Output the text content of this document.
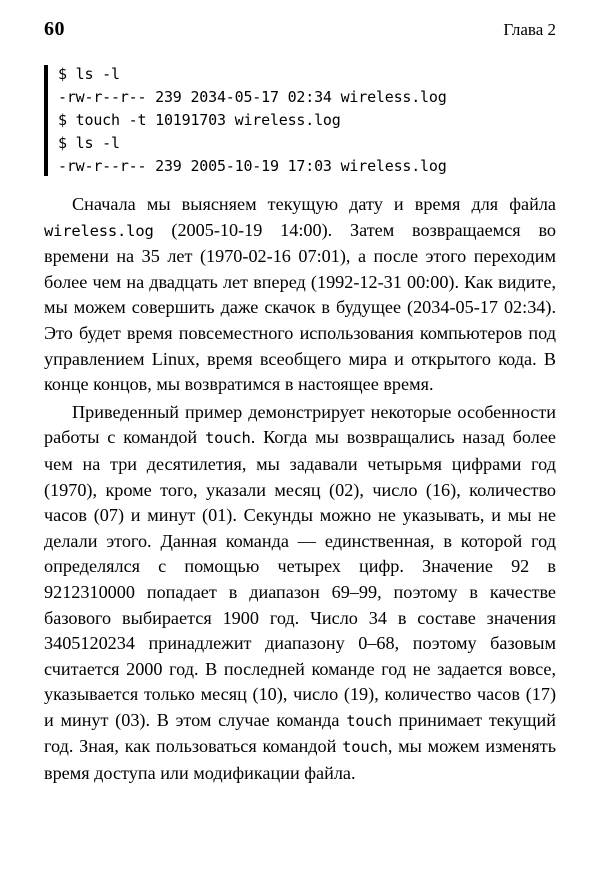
60	Глава 2
$ ls -l
-rw-r--r-- 239 2034-05-17 02:34 wireless.log
$ touch -t 10191703 wireless.log
$ ls -l
-rw-r--r-- 239 2005-10-19 17:03 wireless.log

Сначала мы выясняем текущую дату и время для файла wireless.log (2005-10-19 14:00). Затем возвращаемся во времени на 35 лет (1970-02-16 07:01), а после этого переходим более чем на двадцать лет вперед (1992-12-31 00:00). Как видите, мы можем совершить даже скачок в будущее (2034-05-17 02:34). Это будет время повсеместного использования компьютеров под управлением Linux, время всеобщего мира и открытого кода. В конце концов, мы возвратимся в настоящее время.

Приведенный пример демонстрирует некоторые особенности работы с командой touch. Когда мы возвращались назад более чем на три десятилетия, мы задавали четырьмя цифрами год (1970), кроме того, указали месяц (02), число (16), количество часов (07) и минут (01). Секунды можно не указывать, и мы не делали этого. Данная команда — единственная, в которой год определялся с помощью четырех цифр. Значение 92 в 9212310000 попадает в диапазон 69–99, поэтому в качестве базового выбирается 1900 год. Число 34 в составе значения 3405120234 принадлежит диапазону 0–68, поэтому базовым считается 2000 год. В последней команде год не задается вовсе, указывается только месяц (10), число (19), количество часов (17) и минут (03). В этом случае команда touch принимает текущий год. Зная, как пользоваться командой touch, мы можем изменять время доступа или модификации файла.
